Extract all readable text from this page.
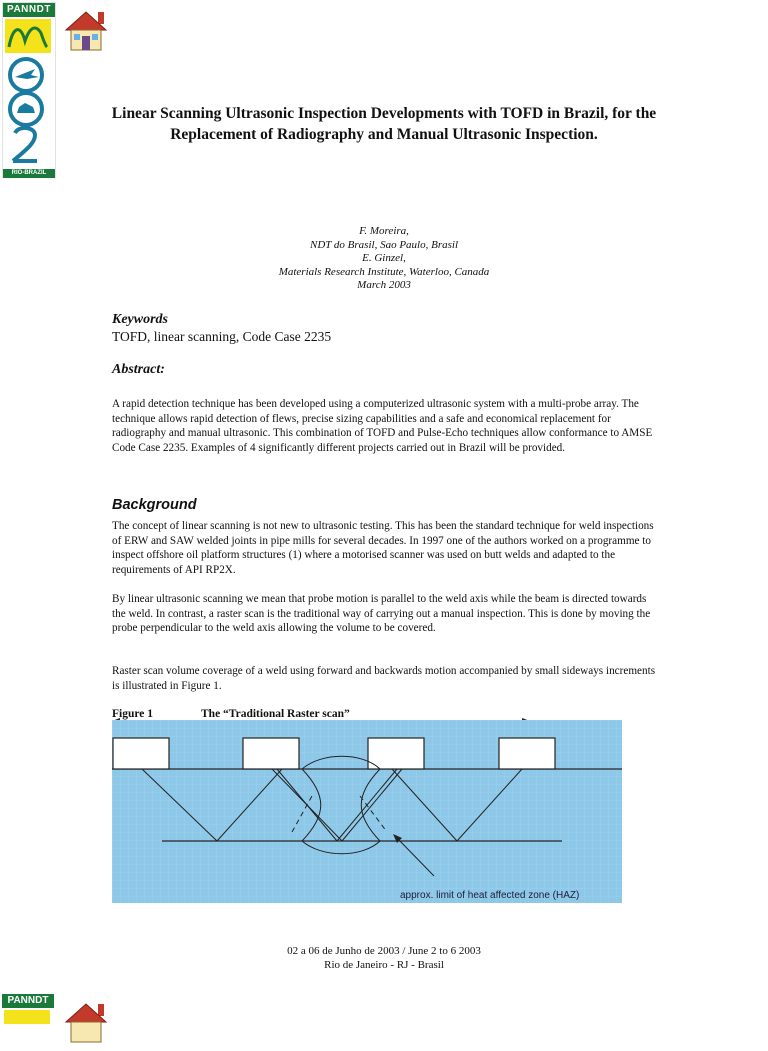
PANNDT
RIO-BRAZIL
Linear Scanning Ultrasonic Inspection Developments with TOFD in Brazil, for the Replacement of Radiography and Manual Ultrasonic Inspection.
F. Moreira,
NDT do Brasil, Sao Paulo, Brasil
E. Ginzel,
Materials Research Institute, Waterloo, Canada
March 2003
Keywords
TOFD, linear scanning, Code Case 2235
Abstract:
A rapid detection technique has been developed using a computerized ultrasonic system with a multi-probe array. The technique allows rapid detection of flews, precise sizing capabilities and a safe and economical replacement for radiography and manual ultrasonic. This combination of TOFD and Pulse-Echo techniques allow conformance to AMSE Code Case 2235. Examples of 4 significantly different projects carried out in Brazil will be provided.
Background
The concept of linear scanning is not new to ultrasonic testing. This has been the standard technique for weld inspections of ERW and SAW welded joints in pipe mills for several decades. In 1997 one of the authors worked on a programme to inspect offshore oil platform structures (1) where a motorised scanner was used on butt welds and adapted to the requirements of API RP2X.
By linear ultrasonic scanning we mean that probe motion is parallel to the weld axis while the beam is directed towards the weld. In contrast, a raster scan is the traditional way of carrying out a manual inspection. This is done by moving the probe perpendicular to the weld axis allowing the volume to be covered.
Raster scan volume coverage of a weld using forward and backwards motion accompanied by small sideways increments is illustrated in Figure 1.
Figure 1	The “Traditional Raster scan”
approx. limit of heat affected zone (HAZ)
02 a 06 de Junho de 2003 / June 2 to 6 2003
Rio de Janeiro - RJ - Brasil
PANNDT
